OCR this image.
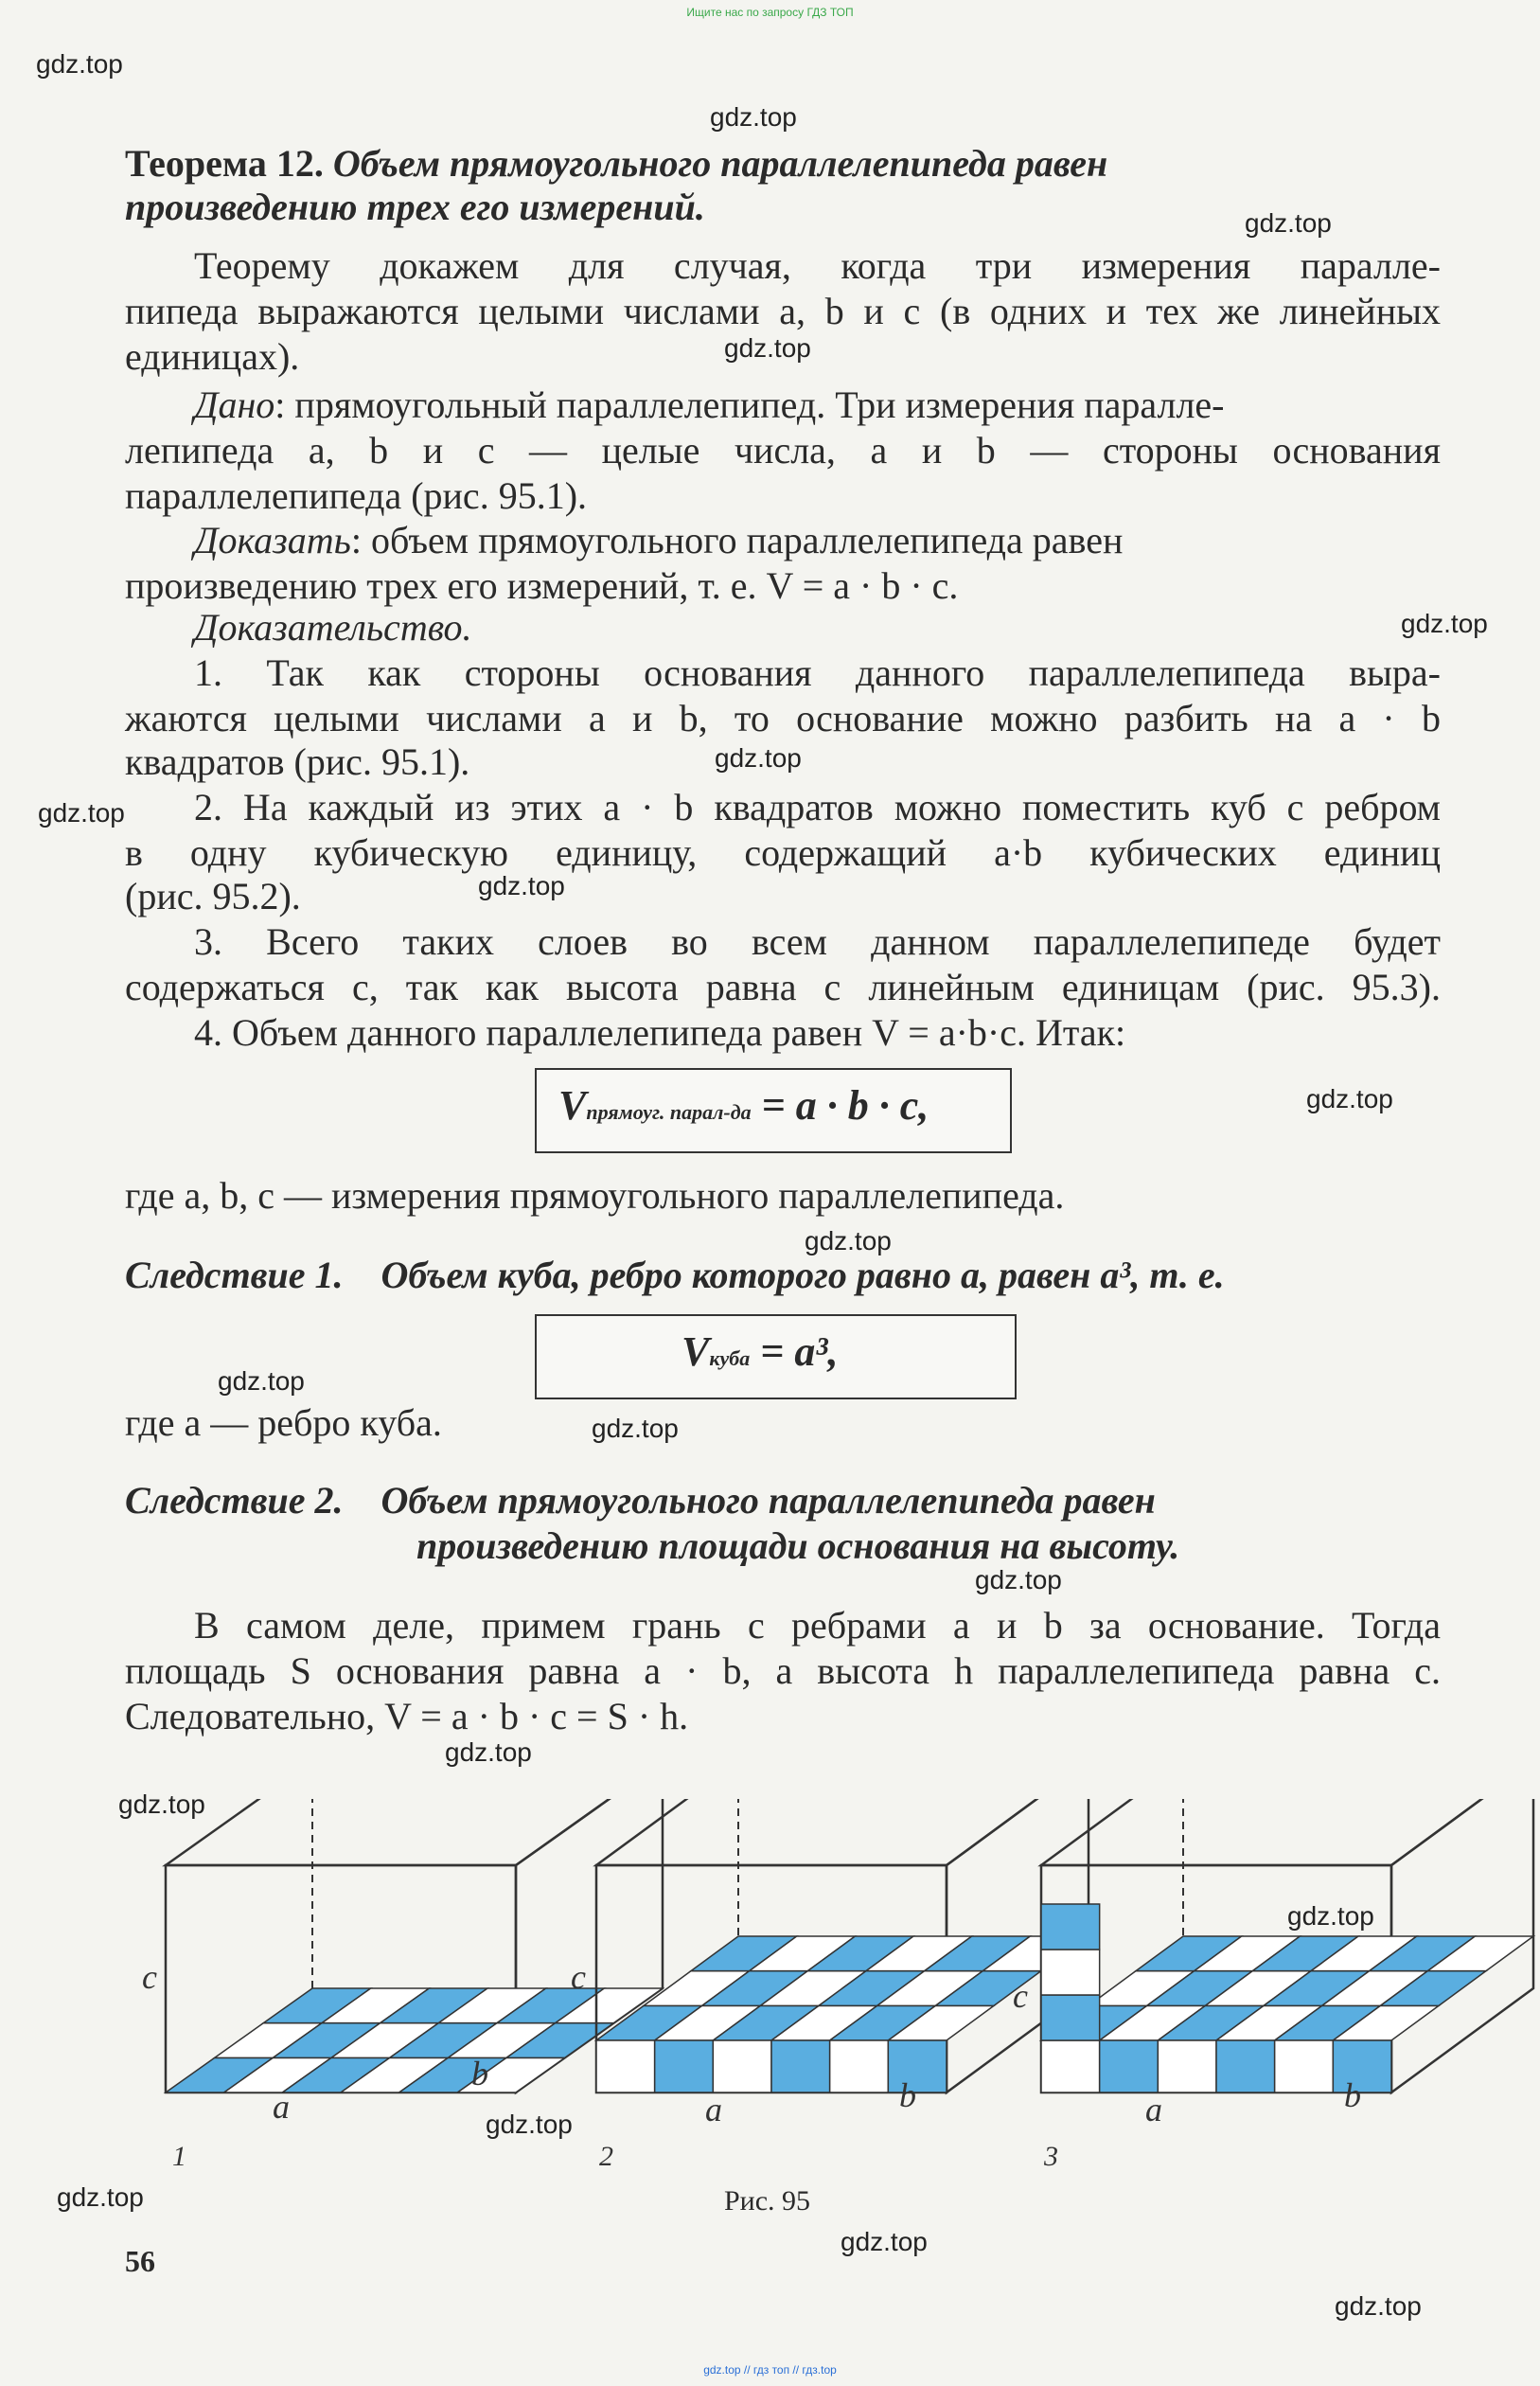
Ищите нас по запросу ГДЗ ТОП
gdz.top
gdz.top
gdz.top
gdz.top
gdz.top
gdz.top
gdz.top
gdz.top
gdz.top
gdz.top
gdz.top
gdz.top
gdz.top
gdz.top
gdz.top
gdz.top
gdz.top
gdz.top
gdz.top
gdz.top
Теорема 12. Объем прямоугольного параллелепипеда равен
произведению трех его измерений.
Теорему докажем для случая, когда три измерения паралле-
пипеда выражаются целыми числами a, b и c (в одних и тех же линейных
единицах).
Дано: прямоугольный параллелепипед. Три измерения паралле-
лепипеда a, b и c — целые числа, a и b — стороны основания
параллелепипеда (рис. 95.1).
Доказать: объем прямоугольного параллелепипеда равен
произведению трех его измерений, т. е. V = a · b · c.
Доказательство.
1. Так как стороны основания данного параллелепипеда выра-
жаются целыми числами a и b, то основание можно разбить на a · b
квадратов (рис. 95.1).
2. На каждый из этих a · b квадратов можно поместить куб с ребром
в одну кубическую единицу, содержащий a·b кубических единиц
(рис. 95.2).
3. Всего таких слоев во всем данном параллелепипеде будет
содержаться c, так как высота равна c линейным единицам (рис. 95.3).
4. Объем данного параллелепипеда равен V = a·b·c. Итак:
Vпрямоуг. парал-да = a · b · c,
где a, b, c — измерения прямоугольного параллелепипеда.
Следствие 1. Объем куба, ребро которого равно a, равен a³, т. е.
Vкуба = a³,
где a — ребро куба.
Следствие 2. Объем прямоугольного параллелепипеда равен
произведению площади основания на высоту.
В самом деле, примем грань с ребрами a и b за основание. Тогда
площадь S основания равна a · b, а высота h параллелепипеда равна c.
Следовательно, V = a · b · c = S · h.
c
a
b
1
c
a	b
2
c
a	b
3
Рис. 95
56
gdz.top // гдз топ // гдз.top
